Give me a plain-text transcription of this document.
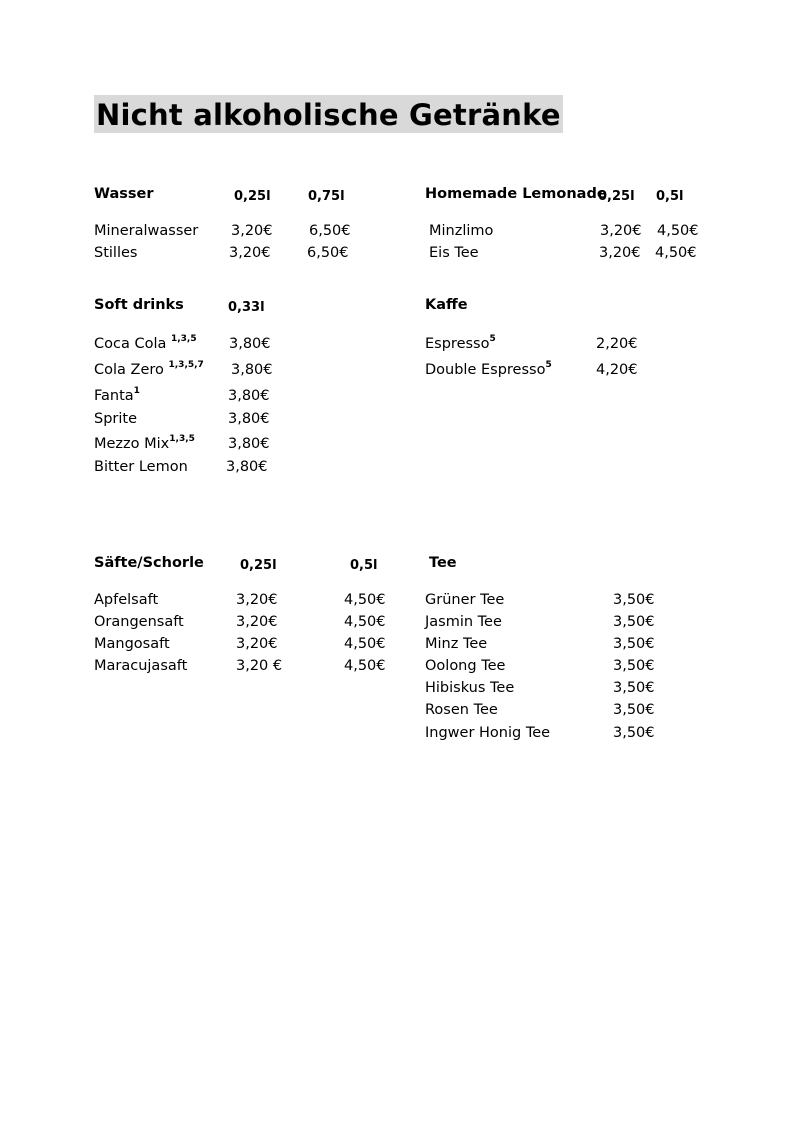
Nicht alkoholische Getränke
Wasser	0,25l	0,75l
Mineralwasser 3,20€	6,50€
Stilles	3,20€	6,50€
Homemade Lemonade
0,25l 0,5l
Minzlimo	3,20€ 4,50€
Eis Tee	3,20€ 4,50€
Soft drinks	0,33l
Coca Cola $^{1,3,5}$ 3,80€
Cola Zero $^{1,3,5,7}$ 3,80€
Fanta$^1$	3,80€
Sprite	3,80€
Mezzo Mix$^{1,3,5}$ 3,80€
Bitter Lemon	3,80€
Kaffe
Espresso$^5$	2,20€
Double Espresso$^5$	4,20€
Säfte/Schorle	0,25l	0,5l
Apfelsaft	3,20€	4,50€
Orangensaft	3,20€	4,50€
Mangosaft	3,20€	4,50€
Maracujasaft	3,20 €	4,50€
Tee
Grüner Tee	3,50€
Jasmin Tee	3,50€
Minz Tee	3,50€
Oolong Tee	3,50€
Hibiskus Tee	3,50€
Rosen Tee	3,50€
Ingwer Honig Tee	3,50€
